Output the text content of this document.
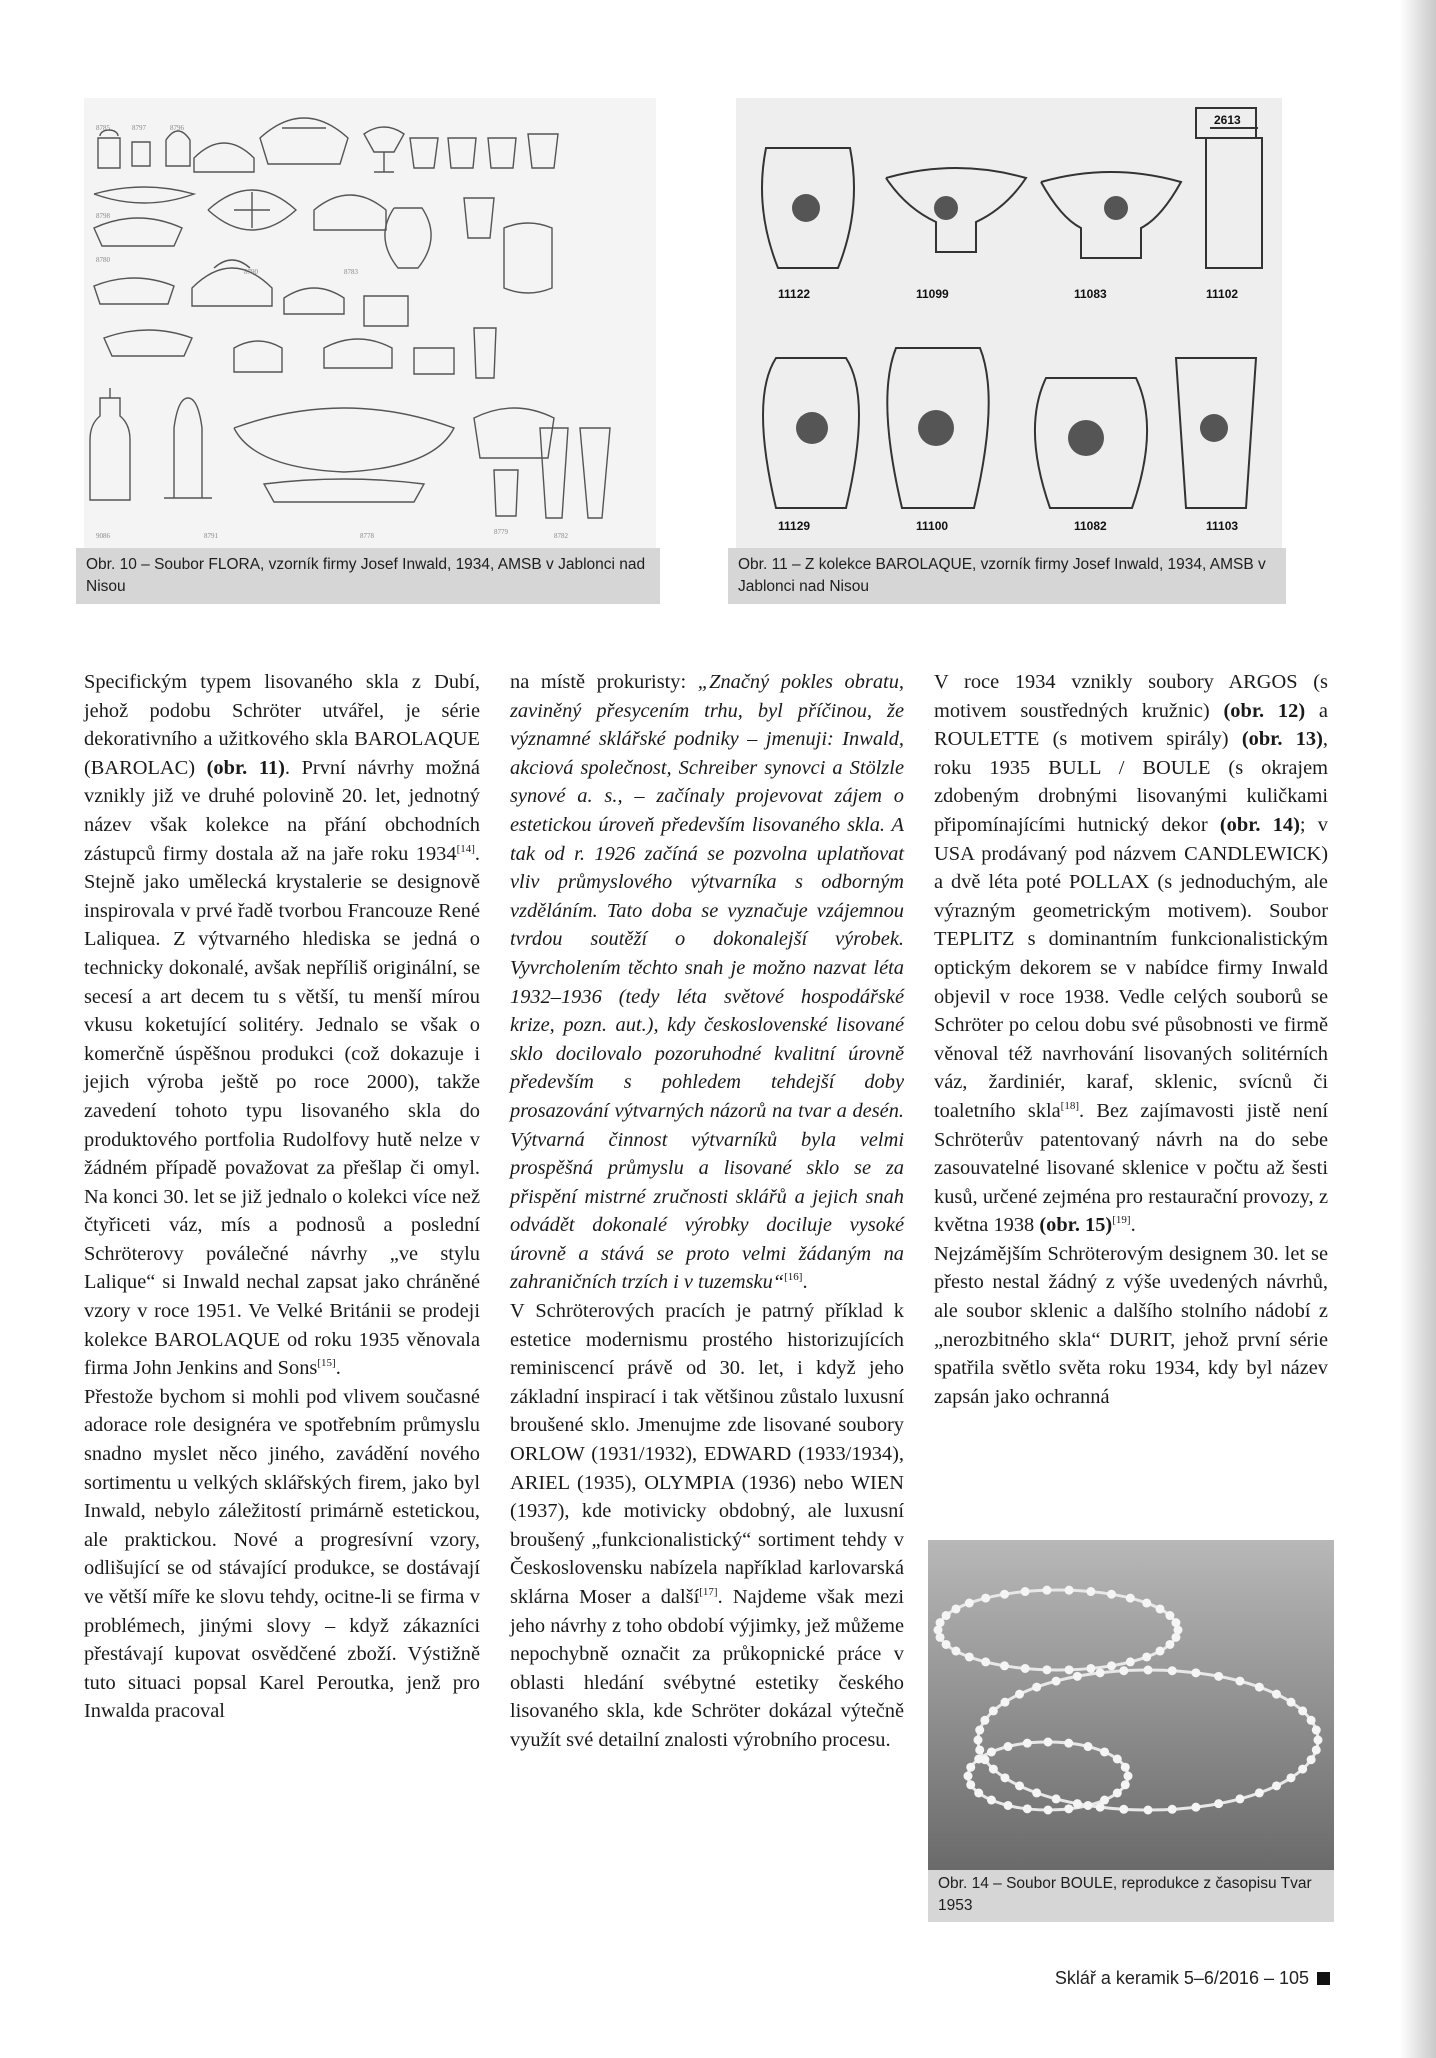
8785	8797	8796
8798
8780
8790	8783
9086	8791	8778	8779	8782
Obr. 10 – Soubor FLORA, vzorník firmy Josef Inwald, 1934, AMSB v Jablonci nad Nisou
2613
11122	11099	11083	11102
11129	11100	11082	11103
Obr. 11 – Z kolekce BAROLAQUE, vzorník firmy Josef Inwald, 1934, AMSB v Jablonci nad Nisou

Specifickým typem lisovaného skla z Dubí, jehož podobu Schröter utvářel, je série dekorativního a užitkového skla BAROLAQUE (BAROLAC) (obr. 11). První návrhy možná vznikly již ve druhé polovině 20. let, jednotný název však kolekce na přání obchodních zástupců firmy dostala až na jaře roku 1934[14]. Stejně jako umělecká krystalerie se designově inspirovala v prvé řadě tvorbou Francouze René Laliquea. Z výtvarného hlediska se jedná o technicky dokonalé, avšak nepříliš originální, se secesí a art decem tu s větší, tu menší mírou vkusu koketující solitéry. Jednalo se však o komerčně úspěšnou produkci (což dokazuje i jejich výroba ještě po roce 2000), takže zavedení tohoto typu lisovaného skla do produktového portfolia Rudolfovy hutě nelze v žádném případě považovat za přešlap či omyl. Na konci 30. let se již jednalo o kolekci více než čtyřiceti váz, mís a podnosů a poslední Schröterovy poválečné návrhy „ve stylu Lalique“ si Inwald nechal zapsat jako chráněné vzory v roce 1951. Ve Velké Británii se prodeji kolekce BAROLAQUE od roku 1935 věnovala firma John Jenkins and Sons[15].

Přestože bychom si mohli pod vlivem současné adorace role designéra ve spotřebním průmyslu snadno myslet něco jiného, zavádění nového sortimentu u velkých sklářských firem, jako byl Inwald, nebylo záležitostí primárně estetickou, ale praktickou. Nové a progresívní vzory, odlišující se od stávající produkce, se dostávají ve větší míře ke slovu tehdy, ocitne-li se firma v problémech, jinými slovy – když zákazníci přestávají kupovat osvědčené zboží. Výstižně tuto situaci popsal Karel Peroutka, jenž pro Inwalda pracoval

na místě prokuristy: „Značný pokles obratu, zaviněný přesycením trhu, byl příčinou, že významné sklářské podniky – jmenuji: Inwald, akciová společnost, Schreiber synovci a Stölzle synové a. s., – začínaly projevovat zájem o estetickou úroveň především lisovaného skla. A tak od r. 1926 začíná se pozvolna uplatňovat vliv průmyslového výtvarníka s odborným vzděláním. Tato doba se vyznačuje vzájemnou tvrdou soutěží o dokonalejší výrobek. Vyvrcholením těchto snah je možno nazvat léta 1932–1936 (tedy léta světové hospodářské krize, pozn. aut.), kdy československé lisované sklo docilovalo pozoruhodné kvalitní úrovně především s pohledem tehdejší doby prosazování výtvarných názorů na tvar a desén. Výtvarná činnost výtvarníků byla velmi prospěšná průmyslu a lisované sklo se za přispění mistrné zručnosti sklářů a jejich snah odvádět dokonalé výrobky dociluje vysoké úrovně a stává se proto velmi žádaným na zahraničních trzích i v tuzemsku“[16].

V Schröterových pracích je patrný příklad k estetice modernismu prostého historizujících reminiscencí právě od 30. let, i když jeho základní inspirací i tak většinou zůstalo luxusní broušené sklo. Jmenujme zde lisované soubory ORLOW (1931/1932), EDWARD (1933/1934), ARIEL (1935), OLYMPIA (1936) nebo WIEN (1937), kde motivicky obdobný, ale luxusní broušený „funkcionalistický“ sortiment tehdy v Československu nabízela například karlovarská sklárna Moser a další[17]. Najdeme však mezi jeho návrhy z toho období výjimky, jež můžeme nepochybně označit za průkopnické práce v oblasti hledání svébytné estetiky českého lisovaného skla, kde Schröter dokázal výtečně využít své detailní znalosti výrobního procesu.

V roce 1934 vznikly soubory ARGOS (s motivem soustředných kružnic) (obr. 12) a ROULETTE (s motivem spirály) (obr. 13), roku 1935 BULL / BOULE (s okrajem zdobeným drobnými lisovanými kuličkami připomínajícími hutnický dekor (obr. 14); v USA prodávaný pod názvem CANDLEWICK) a dvě léta poté POLLAX (s jednoduchým, ale výrazným geometrickým motivem). Soubor TEPLITZ s dominantním funkcionalistickým optickým dekorem se v nabídce firmy Inwald objevil v roce 1938. Vedle celých souborů se Schröter po celou dobu své působnosti ve firmě věnoval též navrhování lisovaných solitérních váz, žardiniér, karaf, sklenic, svícnů či toaletního skla[18]. Bez zajímavosti jistě není Schröterův patentovaný návrh na do sebe zasouvatelné lisované sklenice v počtu až šesti kusů, určené zejména pro restaurační provozy, z května 1938 (obr. 15)[19].

Nejzámějším Schröterovým designem 30. let se přesto nestal žádný z výše uvedených návrhů, ale soubor sklenic a dalšího stolního nádobí z „nerozbitného skla“ DURIT, jehož první série spatřila světlo světa roku 1934, kdy byl název zapsán jako ochranná

Obr. 14 – Soubor BOULE, reprodukce z časopisu Tvar 1953
Sklář a keramik 5–6/2016 – 105
